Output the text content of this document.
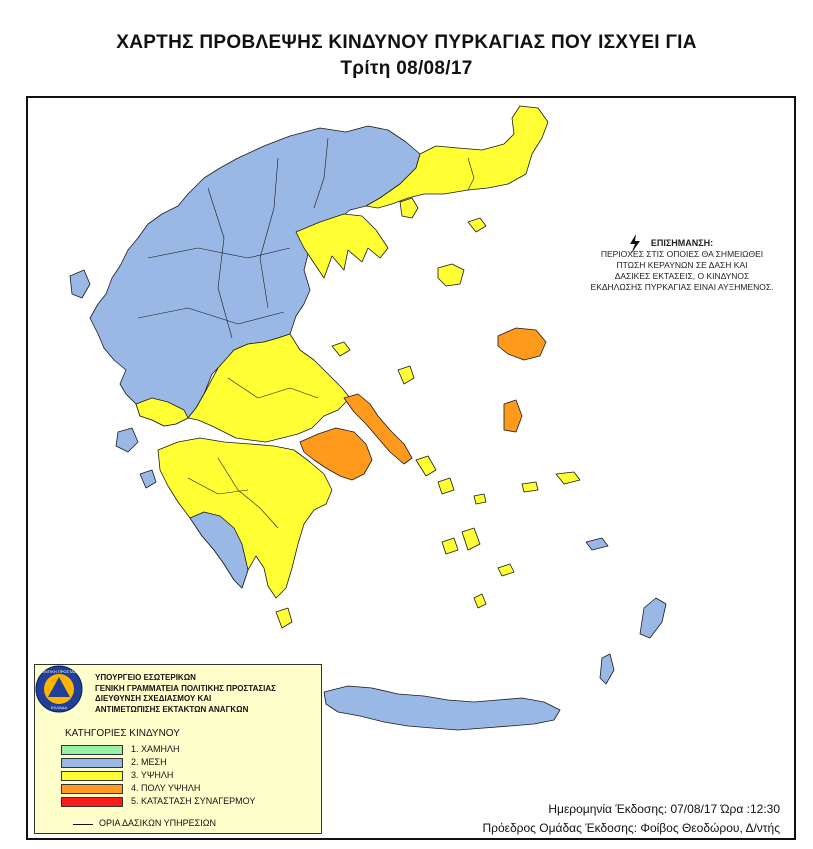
ΧΑΡΤΗΣ ΠΡΟΒΛΕΨΗΣ ΚΙΝΔΥΝΟΥ ΠΥΡΚΑΓΙΑΣ ΠΟΥ ΙΣΧΥΕΙ ΓΙΑ
Τρίτη 08/08/17
ΕΠΙΣΗΜΑΝΣΗ:
ΠΕΡΙΟΧΕΣ ΣΤΙΣ ΟΠΟΙΕΣ ΘΑ ΣΗΜΕΙΩΘΕΙ
ΠΤΩΣΗ ΚΕΡΑΥΝΩΝ ΣΕ ΔΑΣΗ ΚΑΙ
ΔΑΣΙΚΕΣ ΕΚΤΑΣΕΙΣ, Ο ΚΙΝΔΥΝΟΣ
ΕΚΔΗΛΩΣΗΣ ΠΥΡΚΑΓΙΑΣ ΕΙΝΑΙ ΑΥΞΗΜΕΝΟΣ.
ΠΟΛΙΤΙΚΗ ΠΡΟΣΤΑΣΙΑ
ΕΛΛΑΔΑ
ΥΠΟΥΡΓΕΙΟ ΕΣΩΤΕΡΙΚΩΝ
ΓΕΝΙΚΗ ΓΡΑΜΜΑΤΕΙΑ ΠΟΛΙΤΙΚΗΣ ΠΡΟΣΤΑΣΙΑΣ
ΔΙΕΥΘΥΝΣΗ ΣΧΕΔΙΑΣΜΟΥ ΚΑΙ
ΑΝΤΙΜΕΤΩΠΙΣΗΣ ΕΚΤΑΚΤΩΝ ΑΝΑΓΚΩΝ
ΚΑΤΗΓΟΡΙΕΣ ΚΙΝΔΥΝΟΥ
1. ΧΑΜΗΛΗ
2. ΜΕΣΗ
3. ΥΨΗΛΗ
4. ΠΟΛΥ ΥΨΗΛΗ
5. ΚΑΤΑΣΤΑΣΗ ΣΥΝΑΓΕΡΜΟΥ
ΟΡΙΑ ΔΑΣΙΚΩΝ ΥΠΗΡΕΣΙΩΝ
Ημερομηνία Έκδοσης: 07/08/17 Ώρα :12:30
Πρόεδρος Ομάδας Έκδοσης: Φοίβος Θεοδώρου, Δ/ντής
